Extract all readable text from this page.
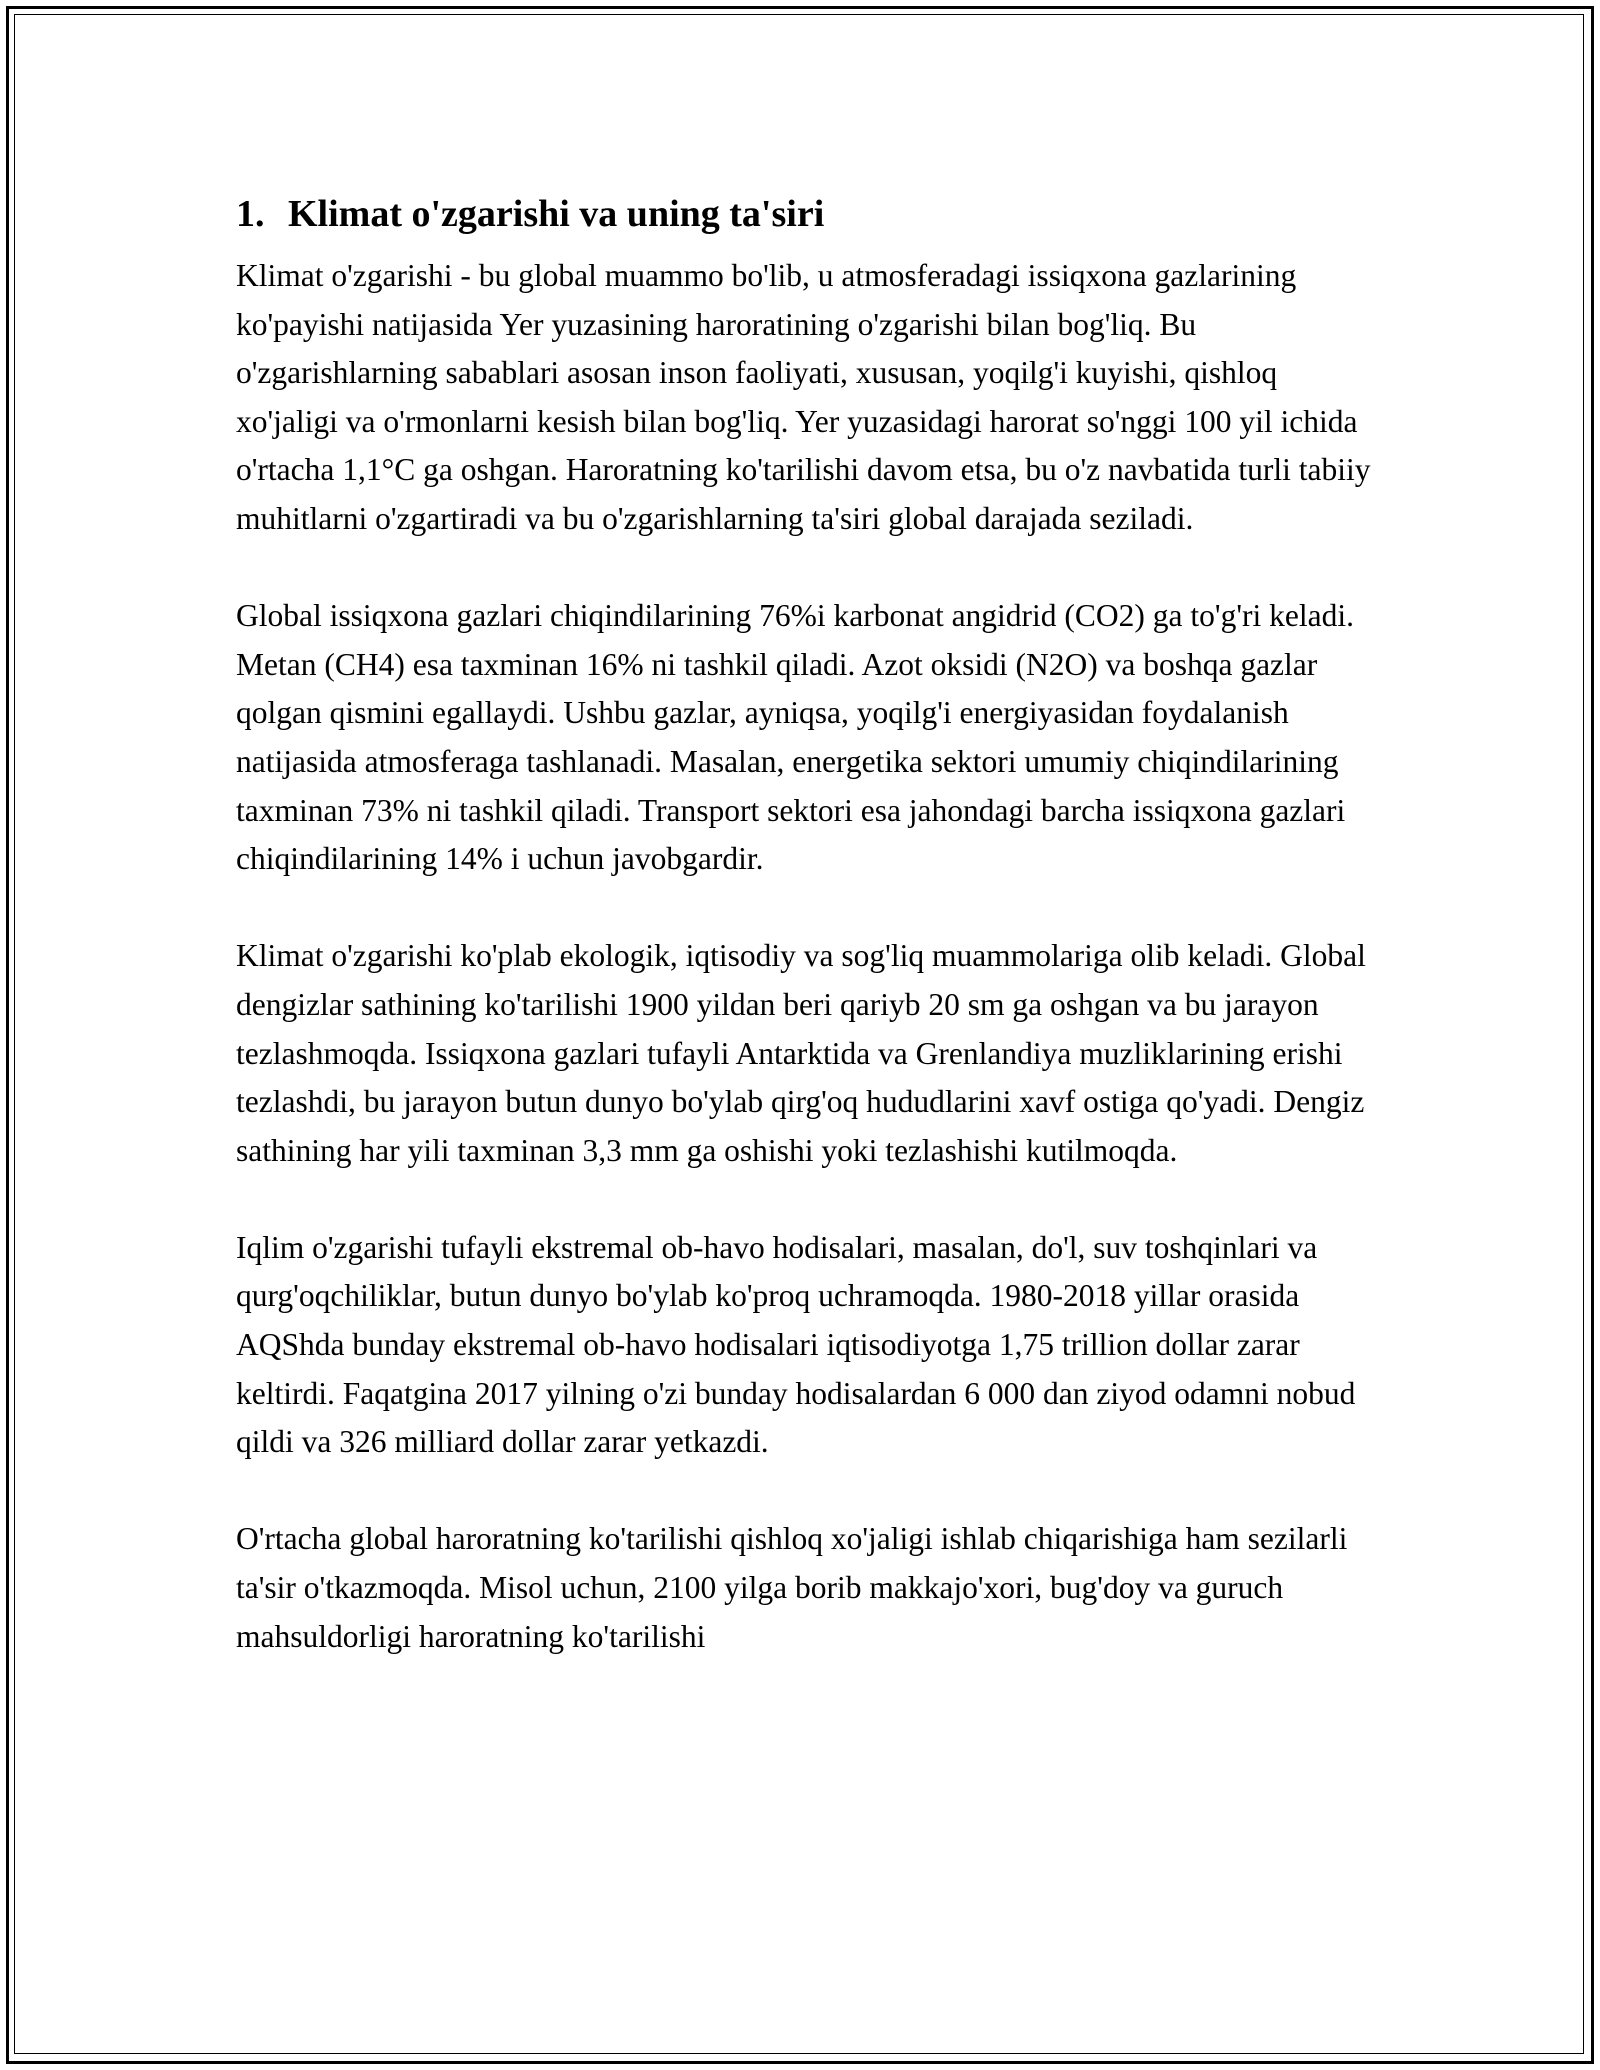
1. Klimat o'zgarishi va uning ta'siri

Klimat o'zgarishi - bu global muammo bo'lib, u atmosferadagi issiqxona gazlarining ko'payishi natijasida Yer yuzasining haroratining o'zgarishi bilan bog'liq. Bu o'zgarishlarning sabablari asosan inson faoliyati, xususan, yoqilg'i kuyishi, qishloq xo'jaligi va o'rmonlarni kesish bilan bog'liq. Yer yuzasidagi harorat so'nggi 100 yil ichida o'rtacha 1,1°C ga oshgan. Haroratning ko'tarilishi davom etsa, bu o'z navbatida turli tabiiy muhitlarni o'zgartiradi va bu o'zgarishlarning ta'siri global darajada seziladi.

Global issiqxona gazlari chiqindilarining 76%i karbonat angidrid (CO2) ga to'g'ri keladi. Metan (CH4) esa taxminan 16% ni tashkil qiladi. Azot oksidi (N2O) va boshqa gazlar qolgan qismini egallaydi. Ushbu gazlar, ayniqsa, yoqilg'i energiyasidan foydalanish natijasida atmosferaga tashlanadi. Masalan, energetika sektori umumiy chiqindilarining taxminan 73% ni tashkil qiladi. Transport sektori esa jahondagi barcha issiqxona gazlari chiqindilarining 14% i uchun javobgardir.

Klimat o'zgarishi ko'plab ekologik, iqtisodiy va sog'liq muammolariga olib keladi. Global dengizlar sathining ko'tarilishi 1900 yildan beri qariyb 20 sm ga oshgan va bu jarayon tezlashmoqda. Issiqxona gazlari tufayli Antarktida va Grenlandiya muzliklarining erishi tezlashdi, bu jarayon butun dunyo bo'ylab qirg'oq hududlarini xavf ostiga qo'yadi. Dengiz sathining har yili taxminan 3,3 mm ga oshishi yoki tezlashishi kutilmoqda.

Iqlim o'zgarishi tufayli ekstremal ob-havo hodisalari, masalan, do'l, suv toshqinlari va qurg'oqchiliklar, butun dunyo bo'ylab ko'proq uchramoqda. 1980-2018 yillar orasida AQShda bunday ekstremal ob-havo hodisalari iqtisodiyotga 1,75 trillion dollar zarar keltirdi. Faqatgina 2017 yilning o'zi bunday hodisalardan 6 000 dan ziyod odamni nobud qildi va 326 milliard dollar zarar yetkazdi.

O'rtacha global haroratning ko'tarilishi qishloq xo'jaligi ishlab chiqarishiga ham sezilarli ta'sir o'tkazmoqda. Misol uchun, 2100 yilga borib makkajo'xori, bug'doy va guruch mahsuldorligi haroratning ko'tarilishi
